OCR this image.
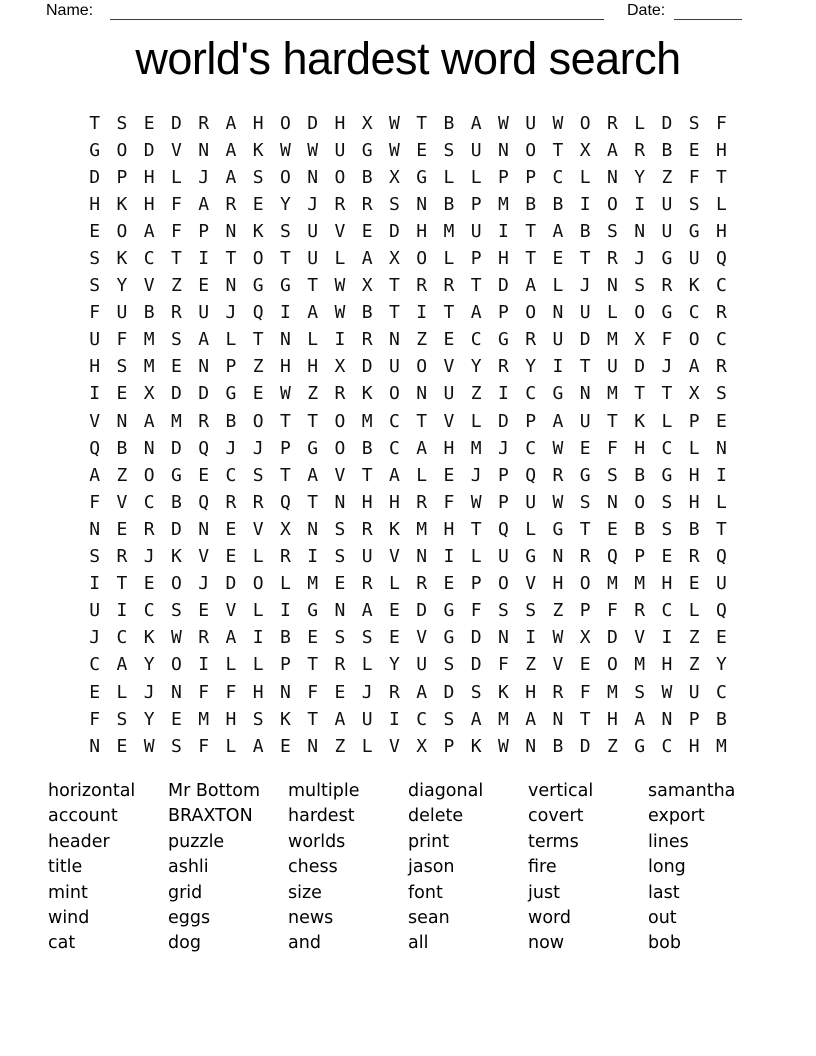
Name:	Date:
world's hardest word search
T S E D R A H O D H X W T B A W U W O R L D S F
G O D V N A K W W U G W E S U N O T X A R B E H
D P H L J A S O N O B X G L L P P C L N Y Z F T
H K H F A R E Y J R R S N B P M B B I O I U S L
E O A F P N K S U V E D H M U I T A B S N U G H
S K C T I T O T U L A X O L P H T E T R J G U Q
S Y V Z E N G G T W X T R R T D A L J N S R K C
F U B R U J Q I A W B T I T A P O N U L O G C R
U F M S A L T N L I R N Z E C G R U D M X F O C
H S M E N P Z H H X D U O V Y R Y I T U D J A R
I E X D D G E W Z R K O N U Z I C G N M T T X S
V N A M R B O T T O M C T V L D P A U T K L P E
Q B N D Q J J P G O B C A H M J C W E F H C L N
A Z O G E C S T A V T A L E J P Q R G S B G H I
F V C B Q R R Q T N H H R F W P U W S N O S H L
N E R D N E V X N S R K M H T Q L G T E B S B T
S R J K V E L R I S U V N I L U G N R Q P E R Q
I T E O J D O L M E R L R E P O V H O M M H E U
U I C S E V L I G N A E D G F S S Z P F R C L Q
J C K W R A I B E S S E V G D N I W X D V I Z E
C A Y O I L L P T R L Y U S D F Z V E O M H Z Y
E L J N F F H N F E J R A D S K H R F M S W U C
F S Y E M H S K T A U I C S A M A N T H A N P B
N E W S F L A E N Z L V X P K W N B D Z G C H M
horizontal
account
header
title
mint
wind
cat
Mr Bottom
BRAXTON
puzzle
ashli
grid
eggs
dog
multiple
hardest
worlds
chess
size
news
and
diagonal
delete
print
jason
font
sean
all
vertical
covert
terms
fire
just
word
now
samantha
export
lines
long
last
out
bob
